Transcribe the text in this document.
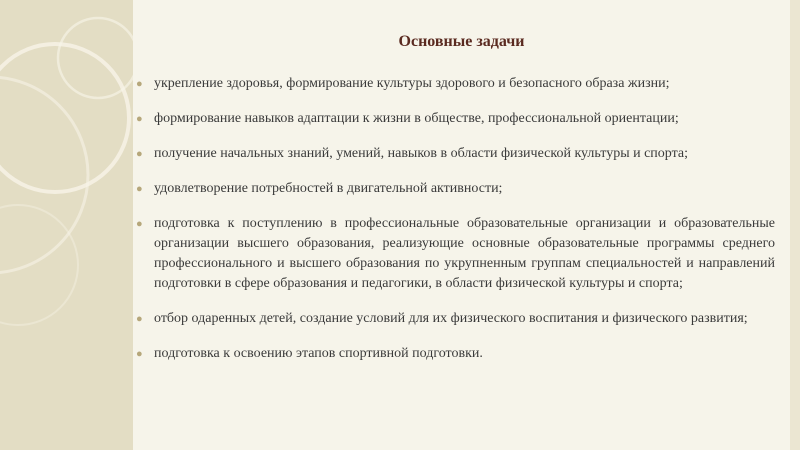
Основные задачи
● укрепление здоровья, формирование культуры здорового и безопасного образа жизни;
● формирование навыков адаптации к жизни в обществе, профессиональной ориентации;
● получение начальных знаний, умений, навыков в области физической культуры и спорта;
● удовлетворение потребностей в двигательной активности;
● подготовка к поступлению в профессиональные образовательные организации и образовательные организации высшего образования, реализующие основные образовательные программы среднего профессионального и высшего образования по укрупненным группам специальностей и направлений подготовки в сфере образования и педагогики, в области физической культуры и спорта;
● отбор одаренных детей, создание условий для их физического воспитания и физического развития;
● подготовка к освоению этапов спортивной подготовки.
